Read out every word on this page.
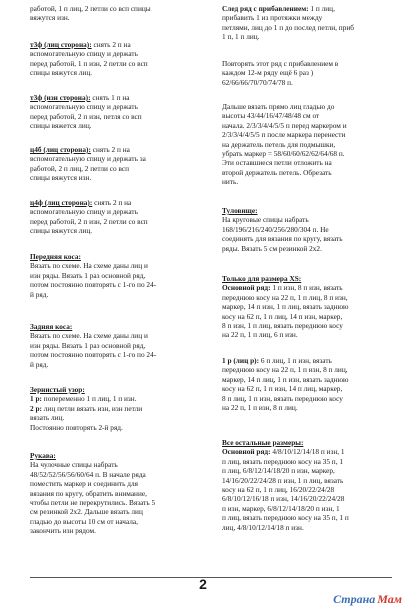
работой, 1 п лиц, 2 петли со всп спицы

вяжутся изн.

т3ф (лиц сторона): снять 2 п на

вспомогательную спицу и держать

перед работой, 1 п изн, 2 петли со всп

спицы вяжутся лиц.

т3ф (изн сторона): снять 1 п на

вспомогательную спицу и держать

перед работой, 2 п изн, петля со всп

спицы вяжется лиц.

ц4б (лиц сторона): снять 2 п на

вспомогательную спицу и держать за

работой, 2 п лиц, 2 петли со всп

спицы вяжутся изн.

ц4ф (лиц сторона): снять 2 п на

вспомогательную спицу и держать

перед работой, 2 п изн, 2 петли со всп

спицы вяжутся лиц.

Передняя коса:

Вязать по схеме. На схеме даны лиц и

изн ряды. Вязать 1 раз основной ряд,

потом постоянно повторять с 1-го по 24-

й ряд.

Задняя коса:

Вязать по схеме. На схеме даны лиц и

изн ряды. Вязать 1 раз основной ряд,

потом постоянно повторять с 1-го по 24-

й ряд.

Зернистый узор:

1 р: попеременно 1 п лиц, 1 п изн.

2 р: лиц петли вязать изн, изн петли

вязать лиц.

Постоянно повторять 2-й ряд.

Рукава:

На чулочные спицы набрать

48/52/52/56/56/60/64 п. В начале ряда

поместить маркер и соединить для

вязания по кругу, обратить внимание,

чтобы петли не перекрутились. Вязать 5

см резинкой 2х2. Дальше вязать лиц

гладью до высоты 10 см от начала,

закончить изн рядом.

След ряд с прибавлением: 1 п лиц,

прибавить 1 из протяжки между

петлями, лиц до 1 п до послед петли, приб

1 п, 1 п лиц.

Повторять этот ряд с прибавлением в

каждом 12-м ряду ещё 6 раз )

62/66/66/70/70/74/78 п.

Дальше вязать прямо лиц гладью до

высоты 43/44/16/47/48/48 см от

начала. 2/3/3/4/4/5/5 п перед маркером и

2/3/3/4/4/5/5 п после маркера перенести

на держатель петель для подмышки,

убрать маркер = 58/60/60/62/62/64/68 п.

Эти оставшиеся петли отложить на

второй держатель петель. Обрезать

нить.

Туловище:

На круговые спицы набрать

168/196/216/240/256/280/304 п. Не

соединять для вязания по кругу, вязать

ряды. Вязать 5 см резинкой 2х2.

Только для размера XS:

Основной ряд: 1 п изн, 8 п изн, вязать

переднюю косу на 22 п, 1 п лиц, 8 п изн,

маркер, 14 п изн, 1 п лиц, вязать заднюю

косу на 62 п, 1 п лиц, 14 п изн, маркер,

8 п изн, 1 п лиц, вязать переднюю косу

на 22 п, 1 п лиц, 6 п изн.

1 р (лиц р): 6 п лиц, 1 п изн, вязать

переднюю косу на 22 п, 1 п изн, 8 п лиц,

маркер, 14 п лиц, 1 п изн, вязать заднюю

косу на 62 п, 1 п изн, 14 п лиц, маркер,

8 п лиц, 1 п изн, вязать переднюю косу

на 22 п, 1 п изн, 8 п лиц.

Все остальные размеры:

Основной ряд: 4/8/10/12/14/18 п изн, 1

п лиц, вязать переднюю косу на 35 п, 1

п лиц, 6/8/12/14/18/20 п изн, маркер,

14/16/20/22/24/28 п изн, 1 п лиц, вязать

косу на 62 п, 1 п лиц, 16/20/22/24/28

6/8/10/12/16/18 п изн, 14/16/20/22/24/28

п изн, маркер, 6/8/12/14/18/20 п изн, 1

п лиц, вязать переднюю косу на 35 п, 1 п

лиц, 4/8/10/12/14/18 п изн.

2
Страна Мам
